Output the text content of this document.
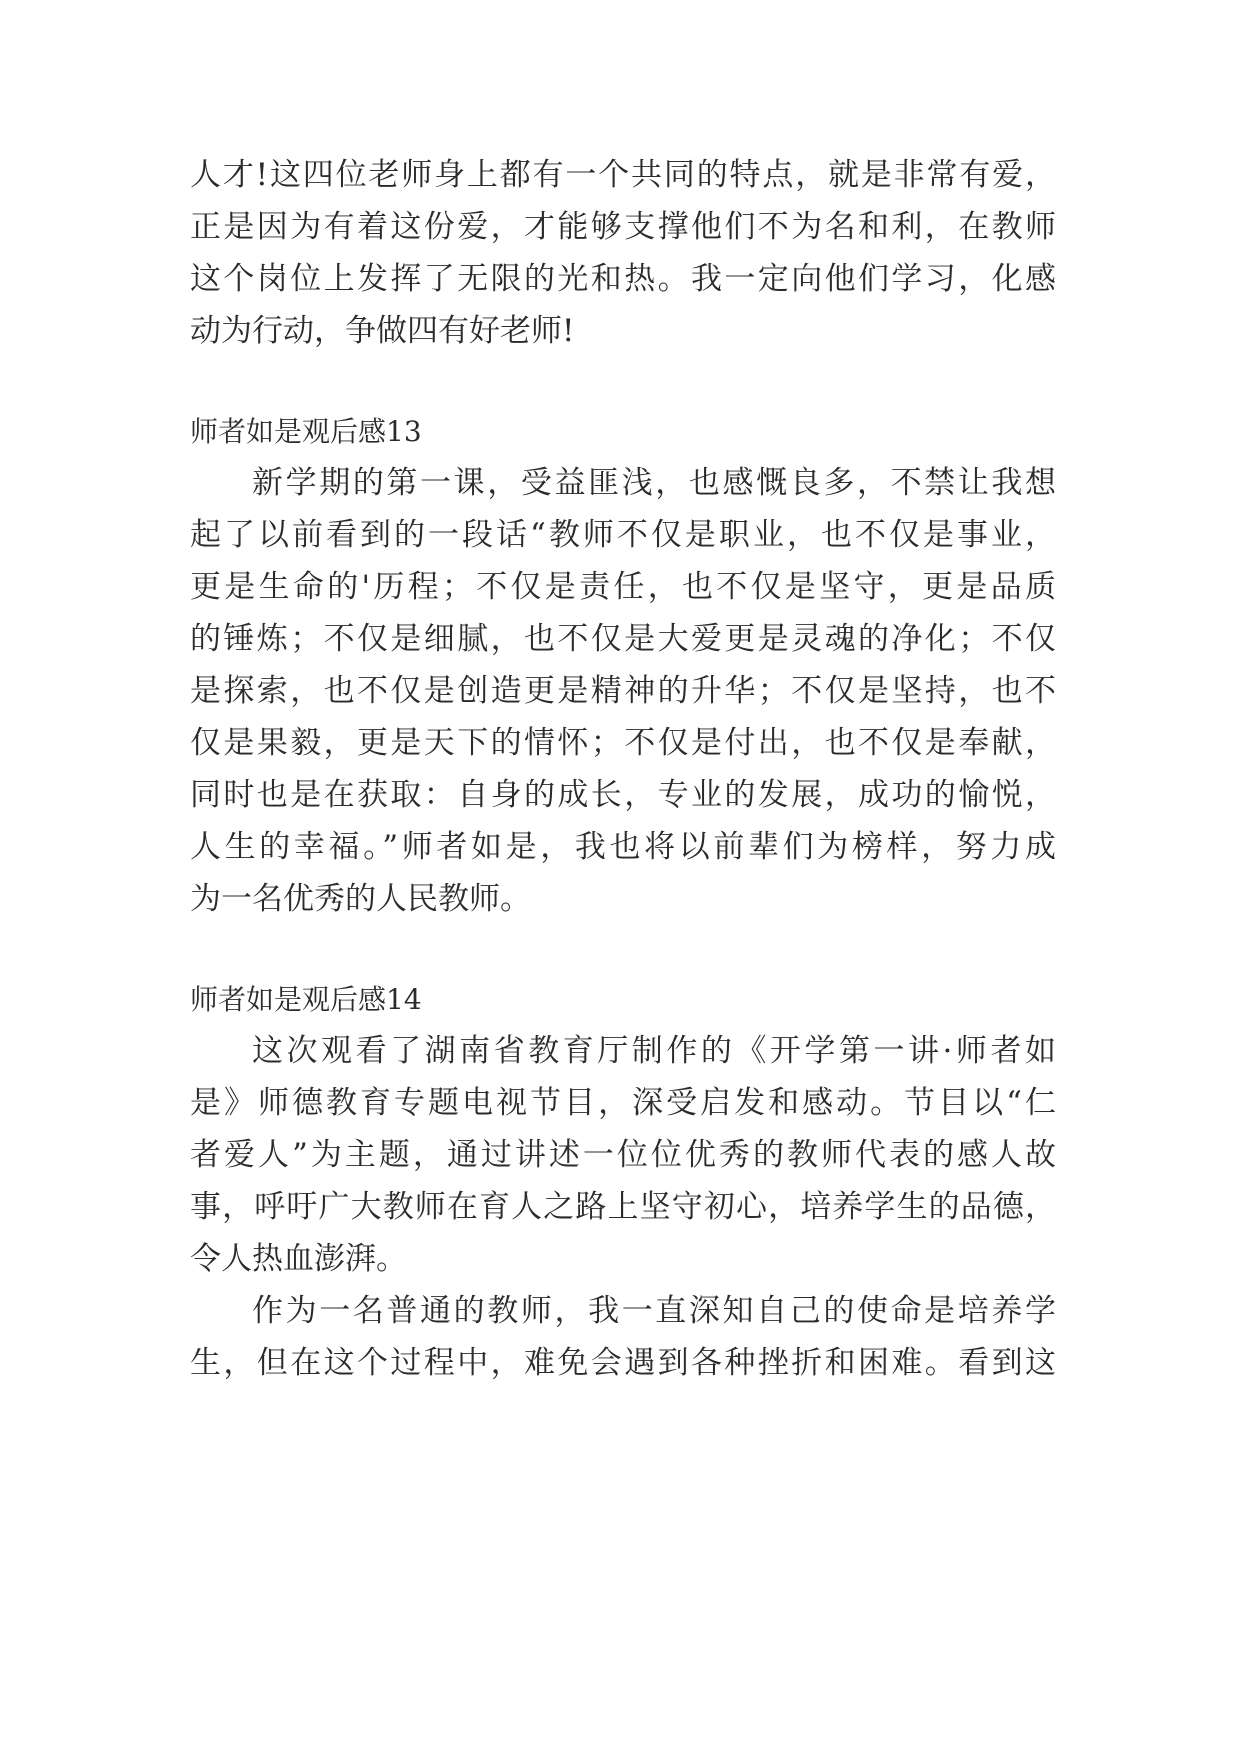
人才!这四位老师身上都有一个共同的特点，就是非常有爱，
正是因为有着这份爱，才能够支撑他们不为名和利，在教师
这个岗位上发挥了无限的光和热。我一定向他们学习，化感
动为行动，争做四有好老师!
师者如是观后感13
新学期的第一课，受益匪浅，也感慨良多，不禁让我想
起了以前看到的一段话“教师不仅是职业，也不仅是事业，
更是生命的'历程；不仅是责任，也不仅是坚守，更是品质
的锤炼；不仅是细腻，也不仅是大爱更是灵魂的净化；不仅
是探索，也不仅是创造更是精神的升华；不仅是坚持，也不
仅是果毅，更是天下的情怀；不仅是付出，也不仅是奉献，
同时也是在获取：自身的成长，专业的发展，成功的愉悦，
人生的幸福。”师者如是，我也将以前辈们为榜样，努力成
为一名优秀的人民教师。
师者如是观后感14
这次观看了湖南省教育厅制作的《开学第一讲·师者如
是》师德教育专题电视节目，深受启发和感动。节目以“仁
者爱人”为主题，通过讲述一位位优秀的教师代表的感人故
事，呼吁广大教师在育人之路上坚守初心，培养学生的品德，
令人热血澎湃。
作为一名普通的教师，我一直深知自己的使命是培养学
生，但在这个过程中，难免会遇到各种挫折和困难。看到这
